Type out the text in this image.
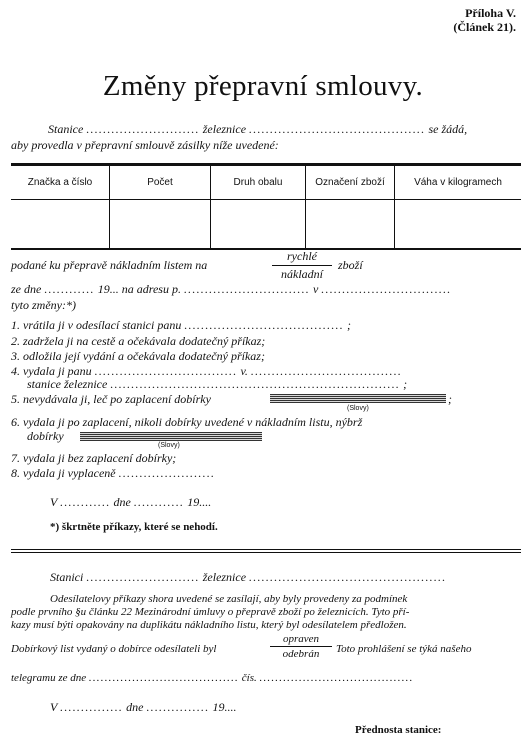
Příloha V.
(Článek 21).
Změny přepravní smlouvy.
Stanice ........................... železnice .......................................... se žádá,
aby provedla v přepravní smlouvě zásilky níže uvedené:
Značka a číslo	Počet	Druh obalu	Označení zboží	Váha v kilogramech

podané ku přepravě nákladním listem na
rychlé
nákladní
zboží
ze dne ............ 19... na adresu p. .............................. v ...............................
tyto změny:*)
1. vrátila ji v odesílací stanici panu ...................................... ;
2. zadržela ji na cestě a očekávala dodatečný příkaz;
3. odložila její vydání a očekávala dodatečný příkaz;
4. vydala ji panu .................................. v. ....................................
stanice železnice ..................................................................... ;
5. nevydávala ji, leč po zaplacení dobírky	;
(Slovy)
6. vydala ji po zaplacení, nikoli dobírky uvedené v nákladním listu, nýbrž
dobírky
(Slovy)
7. vydala ji bez zaplacení dobírky;
8. vydala ji vyplaceně .......................
V ............ dne ............ 19....
*) škrtněte příkazy, které se nehodí.
Stanici ........................... železnice ...............................................
Odesílatelovy příkazy shora uvedené se zasílají, aby byly provedeny za podmínek
podle prvního §u článku 22 Mezinárodní úmluvy o přepravě zboží po železnicích. Tyto pří-
kazy musí býti opakovány na duplikátu nákladního listu, který byl odesílatelem předložen.
Dobírkový list vydaný o dobírce odesílateli byl
opraven
odebrán	Toto prohlášení se týká našeho
telegramu ze dne ...................................... čís. .......................................
V ............... dne ............... 19....
Přednosta stanice:
